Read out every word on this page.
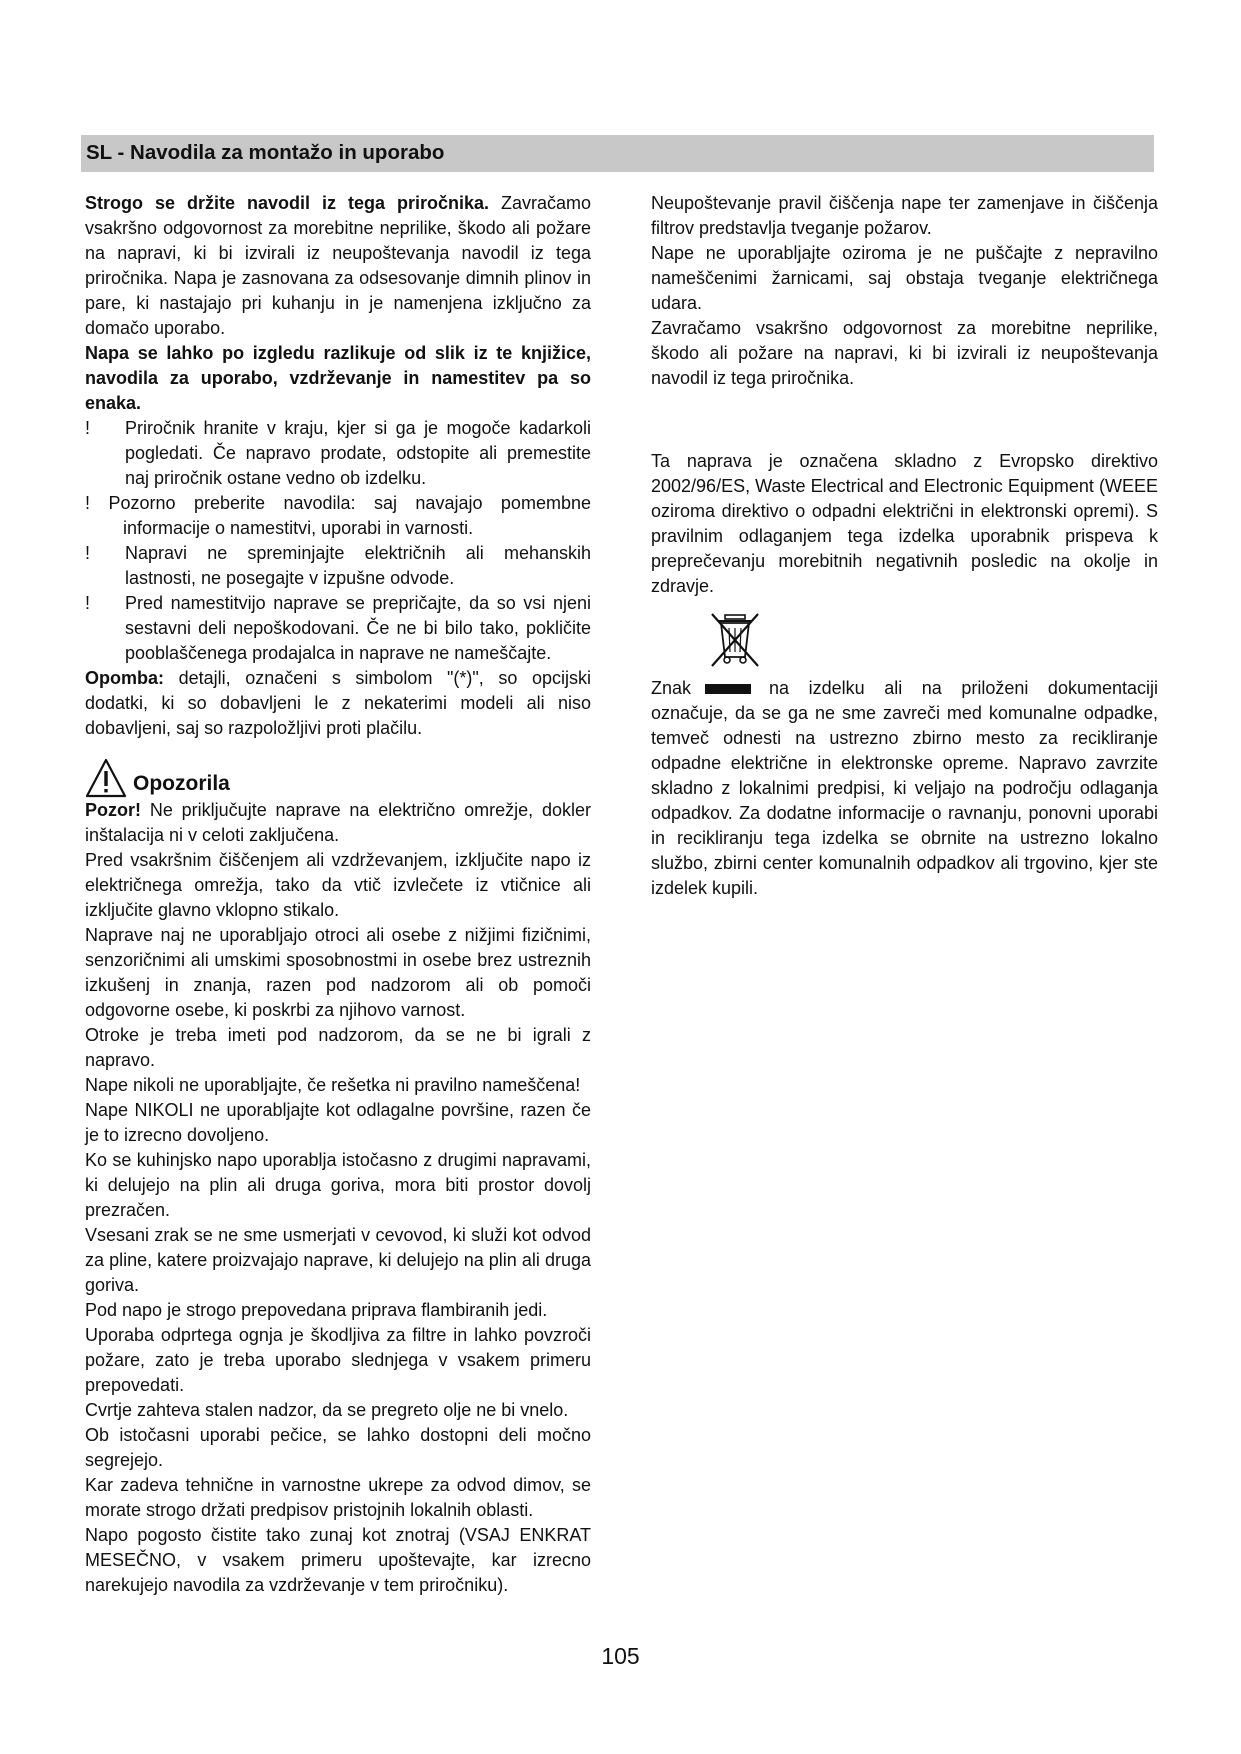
SL - Navodila za montažo in uporabo

Strogo se držite navodil iz tega priročnika. Zavračamo vsakršno odgovornost za morebitne neprilike, škodo ali požare na napravi, ki bi izvirali iz neupoštevanja navodil iz tega priročnika. Napa je zasnovana za odsesovanje dimnih plinov in pare, ki nastajajo pri kuhanju in je namenjena izključno za domačo uporabo.

Napa se lahko po izgledu razlikuje od slik iz te knjižice, navodila za uporabo, vzdrževanje in namestitev pa so enaka.

! Priročnik hranite v kraju, kjer si ga je mogoče kadarkoli pogledati. Če napravo prodate, odstopite ali premestite naj priročnik ostane vedno ob izdelku.

! Pozorno preberite navodila: saj navajajo pomembne informacije o namestitvi, uporabi in varnosti.

! Napravi ne spreminjajte električnih ali mehanskih lastnosti, ne posegajte v izpušne odvode.

! Pred namestitvijo naprave se prepričajte, da so vsi njeni sestavni deli nepoškodovani. Če ne bi bilo tako, pokličite pooblaščenega prodajalca in naprave ne nameščajte.

Opomba: detajli, označeni s simbolom "(*)", so opcijski dodatki, ki so dobavljeni le z nekaterimi modeli ali niso dobavljeni, saj so razpoložljivi proti plačilu.

Opozorila

Pozor! Ne priključujte naprave na električno omrežje, dokler inštalacija ni v celoti zaključena.

Pred vsakršnim čiščenjem ali vzdrževanjem, izključite napo iz električnega omrežja, tako da vtič izvlečete iz vtičnice ali izključite glavno vklopno stikalo.

Naprave naj ne uporabljajo otroci ali osebe z nižjimi fizičnimi, senzoričnimi ali umskimi sposobnostmi in osebe brez ustreznih izkušenj in znanja, razen pod nadzorom ali ob pomoči odgovorne osebe, ki poskrbi za njihovo varnost.

Otroke je treba imeti pod nadzorom, da se ne bi igrali z napravo.

Nape nikoli ne uporabljajte, če rešetka ni pravilno nameščena!

Nape NIKOLI ne uporabljajte kot odlagalne površine, razen če je to izrecno dovoljeno.

Ko se kuhinjsko napo uporablja istočasno z drugimi napravami, ki delujejo na plin ali druga goriva, mora biti prostor dovolj prezračen.

Vsesani zrak se ne sme usmerjati v cevovod, ki služi kot odvod za pline, katere proizvajajo naprave, ki delujejo na plin ali druga goriva.

Pod napo je strogo prepovedana priprava flambiranih jedi.

Uporaba odprtega ognja je škodljiva za filtre in lahko povzroči požare, zato je treba uporabo slednjega v vsakem primeru prepovedati.

Cvrtje zahteva stalen nadzor, da se pregreto olje ne bi vnelo.

Ob istočasni uporabi pečice, se lahko dostopni deli močno segrejejo.

Kar zadeva tehnične in varnostne ukrepe za odvod dimov, se morate strogo držati predpisov pristojnih lokalnih oblasti.

Napo pogosto čistite tako zunaj kot znotraj (VSAJ ENKRAT MESEČNO, v vsakem primeru upoštevajte, kar izrecno narekujejo navodila za vzdrževanje v tem priročniku).

Neupoštevanje pravil čiščenja nape ter zamenjave in čiščenja filtrov predstavlja tveganje požarov.

Nape ne uporabljajte oziroma je ne puščajte z nepravilno nameščenimi žarnicami, saj obstaja tveganje električnega udara.

Zavračamo vsakršno odgovornost za morebitne neprilike, škodo ali požare na napravi, ki bi izvirali iz neupoštevanja navodil iz tega priročnika.

Ta naprava je označena skladno z Evropsko direktivo 2002/96/ES, Waste Electrical and Electronic Equipment (WEEE oziroma direktivo o odpadni električni in elektronski opremi). S pravilnim odlaganjem tega izdelka uporabnik prispeva k preprečevanju morebitnih negativnih posledic na okolje in zdravje.

Znak	na izdelku ali na priloženi dokumentaciji označuje, da se ga ne sme zavreči med komunalne odpadke, temveč odnesti na ustrezno zbirno mesto za recikliranje odpadne električne in elektronske opreme. Napravo zavrzite skladno z lokalnimi predpisi, ki veljajo na področju odlaganja odpadkov. Za dodatne informacije o ravnanju, ponovni uporabi in recikliranju tega izdelka se obrnite na ustrezno lokalno službo, zbirni center komunalnih odpadkov ali trgovino, kjer ste izdelek kupili.

105
